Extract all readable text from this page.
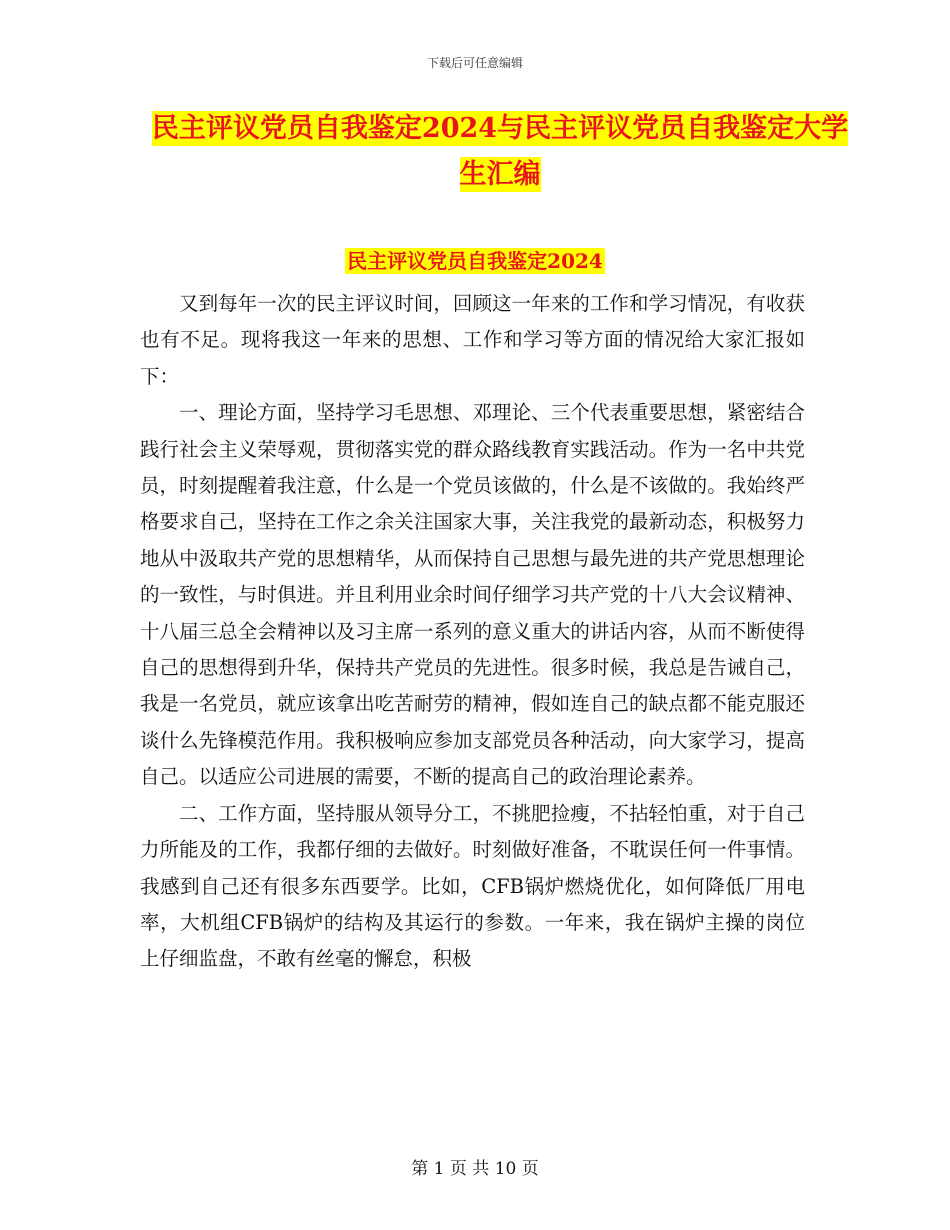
下载后可任意编辑
民主评议党员自我鉴定2024与民主评议党员自我鉴定大学生汇编
民主评议党员自我鉴定2024

又到每年一次的民主评议时间，回顾这一年来的工作和学习情况，有收获也有不足。现将我这一年来的思想、工作和学习等方面的情况给大家汇报如下：

一、理论方面，坚持学习毛思想、邓理论、三个代表重要思想，紧密结合践行社会主义荣辱观，贯彻落实党的群众路线教育实践活动。作为一名中共党员，时刻提醒着我注意，什么是一个党员该做的，什么是不该做的。我始终严格要求自己，坚持在工作之余关注国家大事，关注我党的最新动态，积极努力地从中汲取共产党的思想精华，从而保持自己思想与最先进的共产党思想理论的一致性，与时俱进。并且利用业余时间仔细学习共产党的十八大会议精神、十八届三总全会精神以及习主席一系列的意义重大的讲话内容，从而不断使得自己的思想得到升华，保持共产党员的先进性。很多时候，我总是告诫自己，我是一名党员，就应该拿出吃苦耐劳的精神，假如连自己的缺点都不能克服还谈什么先锋模范作用。我积极响应参加支部党员各种活动，向大家学习，提高自己。以适应公司进展的需要，不断的提高自己的政治理论素养。

二、工作方面，坚持服从领导分工，不挑肥捡瘦，不拈轻怕重，对于自己力所能及的工作，我都仔细的去做好。时刻做好准备，不耽误任何一件事情。我感到自己还有很多东西要学。比如，CFB锅炉燃烧优化，如何降低厂用电率，大机组CFB锅炉的结构及其运行的参数。一年来，我在锅炉主操的岗位上仔细监盘，不敢有丝毫的懈怠，积极

第 1 页 共 10 页
